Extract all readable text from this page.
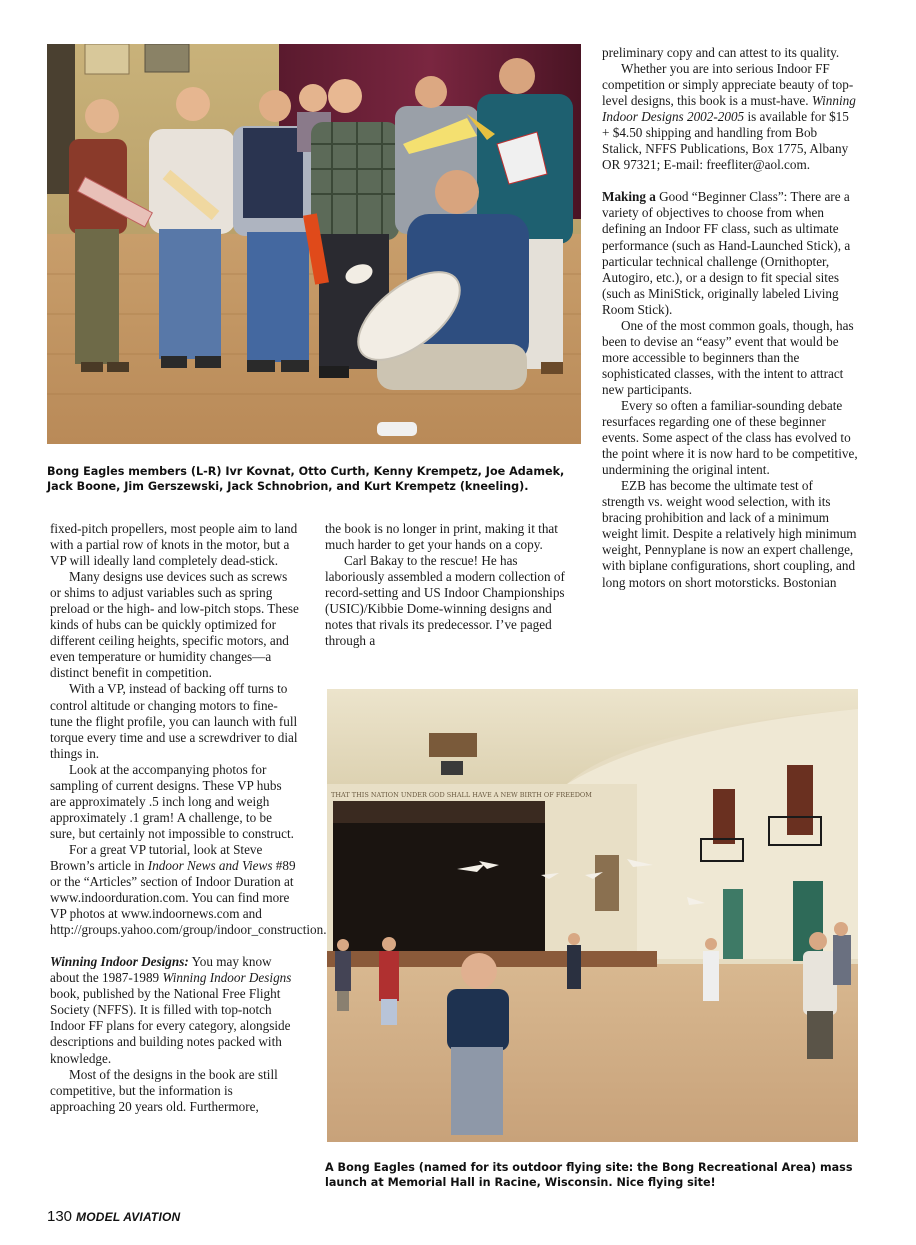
Bong Eagles members (L-R) Ivr Kovnat, Otto Curth, Kenny Krempetz, Joe Adamek, Jack Boone, Jim Gerszewski, Jack Schnobrion, and Kurt Krempetz (kneeling).

fixed-pitch propellers, most people aim to land with a partial row of knots in the motor, but a VP will ideally land completely dead-stick.

Many designs use devices such as screws or shims to adjust variables such as spring preload or the high- and low-pitch stops. These kinds of hubs can be quickly optimized for different ceiling heights, specific motors, and even temperature or humidity changes—a distinct benefit in competition.

With a VP, instead of backing off turns to control altitude or changing motors to fine-tune the flight profile, you can launch with full torque every time and use a screwdriver to dial things in.

Look at the accompanying photos for sampling of current designs. These VP hubs are approximately .5 inch long and weigh approximately .1 gram! A challenge, to be sure, but certainly not impossible to construct.

For a great VP tutorial, look at Steve Brown’s article in Indoor News and Views #89 or the “Articles” section of Indoor Duration at www.indoorduration.com. You can find more VP photos at www.indoornews.com and http://groups.yahoo.com/group/indoor_construction.

Winning Indoor Designs: You may know about the 1987-1989 Winning Indoor Designs book, published by the National Free Flight Society (NFFS). It is filled with top-notch Indoor FF plans for every category, alongside descriptions and building notes packed with knowledge.

Most of the designs in the book are still competitive, but the information is approaching 20 years old. Furthermore,

the book is no longer in print, making it that much harder to get your hands on a copy.

Carl Bakay to the rescue! He has laboriously assembled a modern collection of record-setting and US Indoor Championships (USIC)/Kibbie Dome-winning designs and notes that rivals its predecessor. I’ve paged through a

preliminary copy and can attest to its quality.

Whether you are into serious Indoor FF competition or simply appreciate beauty of top-level designs, this book is a must-have. Winning Indoor Designs 2002-2005 is available for $15 + $4.50 shipping and handling from Bob Stalick, NFFS Publications, Box 1775, Albany OR 97321; E-mail: freefliter@aol.com.

Making a Good “Beginner Class”: There are a variety of objectives to choose from when defining an Indoor FF class, such as ultimate performance (such as Hand-Launched Stick), a particular technical challenge (Ornithopter, Autogiro, etc.), or a design to fit special sites (such as MiniStick, originally labeled Living Room Stick).

One of the most common goals, though, has been to devise an “easy” event that would be more accessible to beginners than the sophisticated classes, with the intent to attract new participants.

Every so often a familiar-sounding debate resurfaces regarding one of these beginner events. Some aspect of the class has evolved to the point where it is now hard to be competitive, undermining the original intent.

EZB has become the ultimate test of strength vs. weight wood selection, with its bracing prohibition and lack of a minimum weight limit. Despite a relatively high minimum weight, Pennyplane is now an expert challenge, with biplane configurations, short coupling, and long motors on short motorsticks. Bostonian

THAT THIS NATION UNDER GOD SHALL HAVE A NEW BIRTH OF FREEDOM
A Bong Eagles (named for its outdoor flying site: the Bong Recreational Area) mass launch at Memorial Hall in Racine, Wisconsin. Nice flying site!
130 MODEL AVIATION
